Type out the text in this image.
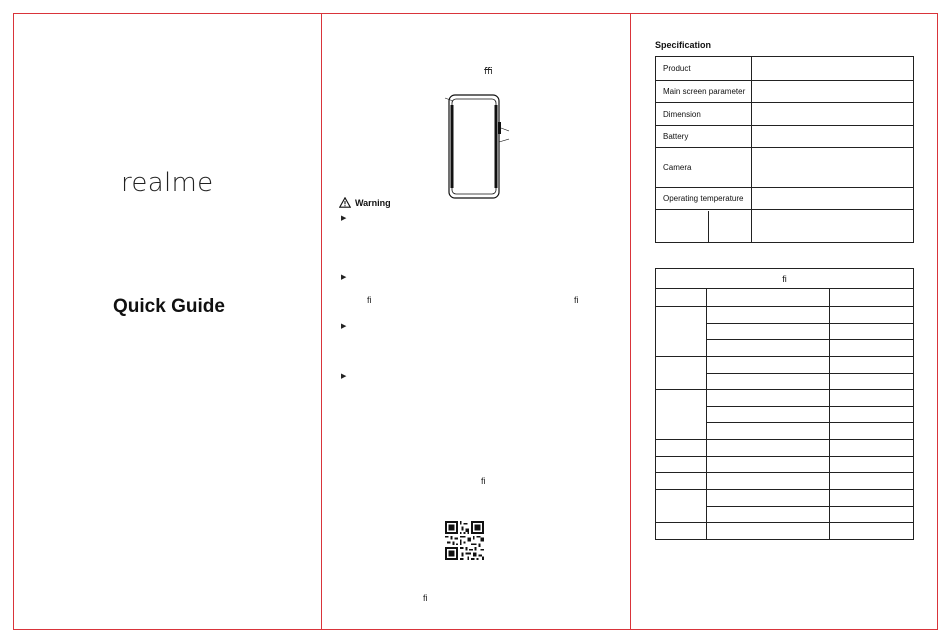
realme
Quick Guide
ﬃ
Warning
▶
▶
▶
▶
ﬁ	ﬁ
ﬁ
ﬁ
Specification
Product	
Main screen parameter	
Dimension	
Battery	
Camera	
Operating temperature	

ﬁ		
